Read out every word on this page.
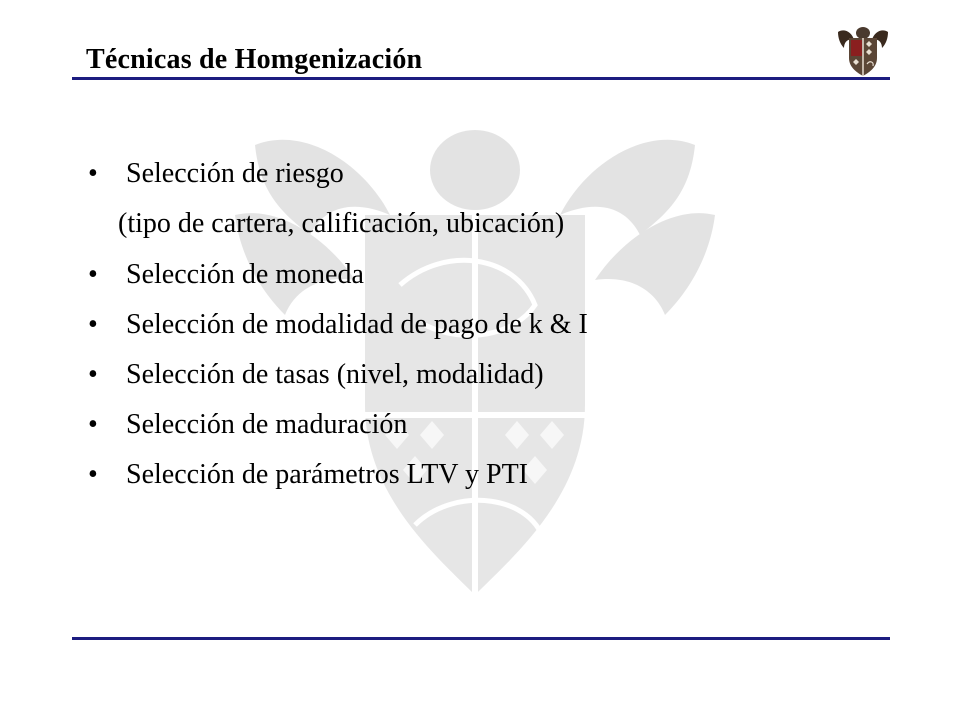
Técnicas de Homgenización
•	Selección de riesgo
(tipo de cartera, calificación, ubicación)
•	Selección de moneda
•	Selección de modalidad de pago de k & I
•	Selección de tasas (nivel, modalidad)
•	Selección de maduración
•	Selección de parámetros LTV y PTI
